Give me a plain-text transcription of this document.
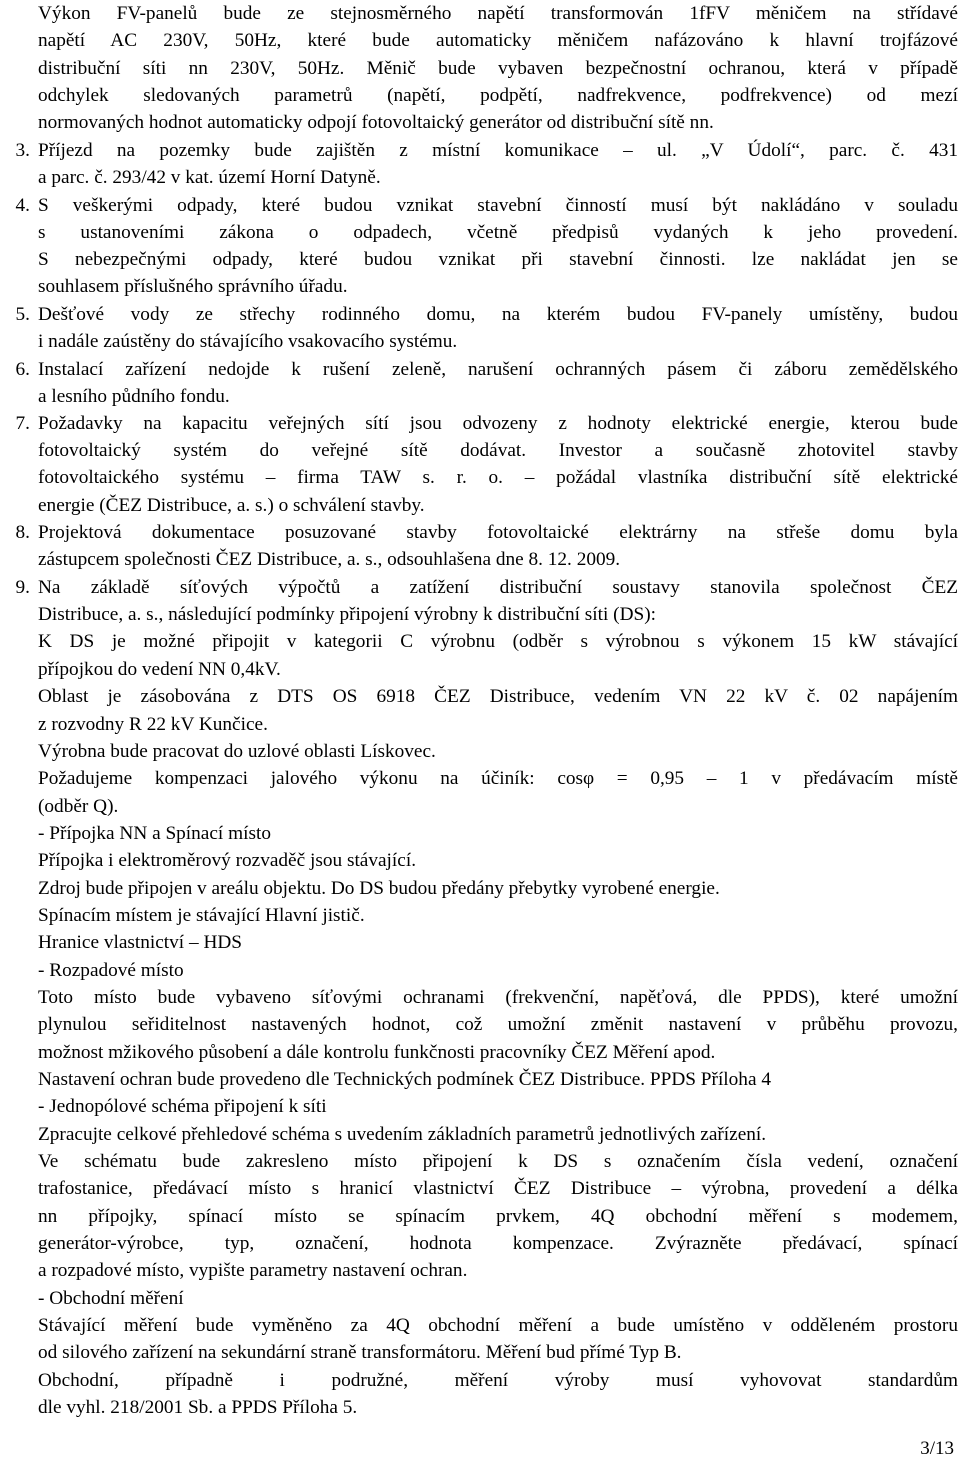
Výkon FV-panelů bude ze stejnosměrného napětí transformován 1fFV měničem na střídavé
napětí AC 230V, 50Hz, které bude automaticky měničem nafázováno k hlavní trojfázové
distribuční síti nn 230V, 50Hz. Měnič bude vybaven bezpečnostní ochranou, která v případě
odchylek sledovaných parametrů (napětí, podpětí, nadfrekvence, podfrekvence) od mezí
normovaných hodnot automaticky odpojí fotovoltaický generátor od distribuční sítě nn.
3. Příjezd na pozemky bude zajištěn z místní komunikace – ul. „V Údolí“, parc. č. 431
a parc. č. 293/42 v kat. území Horní Datyně.
4. S veškerými odpady, které budou vznikat stavební činností musí být nakládáno v souladu
s ustanoveními zákona o odpadech, včetně předpisů vydaných k jeho provedení.
S nebezpečnými odpady, které budou vznikat při stavební činnosti. lze nakládat jen se
souhlasem příslušného správního úřadu.
5. Dešťové vody ze střechy rodinného domu, na kterém budou FV-panely umístěny, budou
i nadále zaústěny do stávajícího vsakovacího systému.
6. Instalací zařízení nedojde k rušení zeleně, narušení ochranných pásem či záboru zemědělského
a lesního půdního fondu.
7. Požadavky na kapacitu veřejných sítí jsou odvozeny z hodnoty elektrické energie, kterou bude
fotovoltaický systém do veřejné sítě dodávat. Investor a současně zhotovitel stavby
fotovoltaického systému – firma TAW s. r. o. – požádal vlastníka distribuční sítě elektrické
energie (ČEZ Distribuce, a. s.) o schválení stavby.
8. Projektová dokumentace posuzované stavby fotovoltaické elektrárny na střeše domu byla
zástupcem společnosti ČEZ Distribuce, a. s., odsouhlašena dne 8. 12. 2009.
9. Na základě síťových výpočtů a zatížení distribuční soustavy stanovila společnost ČEZ
Distribuce, a. s., následující podmínky připojení výrobny k distribuční síti (DS):
K DS je možné připojit v kategorii C výrobnu (odběr s výrobnou s výkonem 15 kW stávající
přípojkou do vedení NN 0,4kV.
Oblast je zásobována z DTS OS 6918 ČEZ Distribuce, vedením VN 22 kV č. 02 napájením
z rozvodny R 22 kV Kunčice.
Výrobna bude pracovat do uzlové oblasti Lískovec.
Požadujeme kompenzaci jalového výkonu na účiník: cosφ = 0,95 – 1 v předávacím místě
(odběr Q).
- Přípojka NN a Spínací místo
Přípojka i elektroměrový rozvaděč jsou stávající.
Zdroj bude připojen v areálu objektu. Do DS budou předány přebytky vyrobené energie.
Spínacím místem je stávající Hlavní jistič.
Hranice vlastnictví – HDS
- Rozpadové místo
Toto místo bude vybaveno síťovými ochranami (frekvenční, napěťová, dle PPDS), které umožní
plynulou seřiditelnost nastavených hodnot, což umožní změnit nastavení v průběhu provozu,
možnost mžikového působení a dále kontrolu funkčnosti pracovníky ČEZ Měření apod.
Nastavení ochran bude provedeno dle Technických podmínek ČEZ Distribuce. PPDS Příloha 4
- Jednopólové schéma připojení k síti
Zpracujte celkové přehledové schéma s uvedením základních parametrů jednotlivých zařízení.
Ve schématu bude zakresleno místo připojení k DS s označením čísla vedení, označení
trafostanice, předávací místo s hranicí vlastnictví ČEZ Distribuce – výrobna, provedení a délka
nn přípojky, spínací místo se spínacím prvkem, 4Q obchodní měření s modemem,
generátor-výrobce, typ, označení, hodnota kompenzace. Zvýrazněte předávací, spínací
a rozpadové místo, vypište parametry nastavení ochran.
- Obchodní měření
Stávající měření bude vyměněno za 4Q obchodní měření a bude umístěno v odděleném prostoru
od silového zařízení na sekundární straně transformátoru. Měření bud přímé Typ B.
Obchodní, případně i podružné, měření výroby musí vyhovovat standardům
dle vyhl. 218/2001 Sb. a PPDS Příloha 5.
3/13
